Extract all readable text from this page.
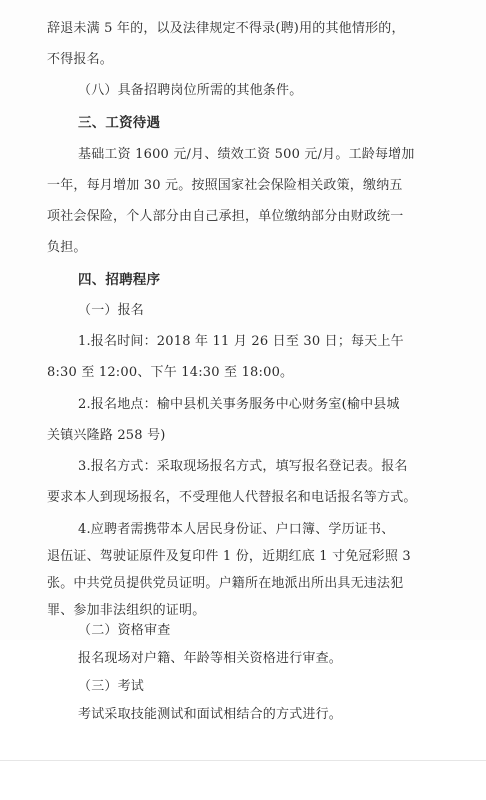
辞退未满 5 年的，以及法律规定不得录(聘)用的其他情形的，
不得报名。
（八）具备招聘岗位所需的其他条件。
三、工资待遇
基础工资 1600 元/月、绩效工资 500 元/月。工龄每增加
一年，每月增加 30 元。按照国家社会保险相关政策，缴纳五
项社会保险，个人部分由自己承担，单位缴纳部分由财政统一
负担。
四、招聘程序
（一）报名
1.报名时间：2018 年 11 月 26 日至 30 日；每天上午
8:30 至 12:00、下午 14:30 至 18:00。
2.报名地点：榆中县机关事务服务中心财务室(榆中县城
关镇兴隆路 258 号)
3.报名方式：采取现场报名方式，填写报名登记表。报名
要求本人到现场报名，不受理他人代替报名和电话报名等方式。
4.应聘者需携带本人居民身份证、户口簿、学历证书、
退伍证、驾驶证原件及复印件 1 份，近期红底 1 寸免冠彩照 3
张。中共党员提供党员证明。户籍所在地派出所出具无违法犯
罪、参加非法组织的证明。
（二）资格审查
报名现场对户籍、年龄等相关资格进行审查。
（三）考试
考试采取技能测试和面试相结合的方式进行。
